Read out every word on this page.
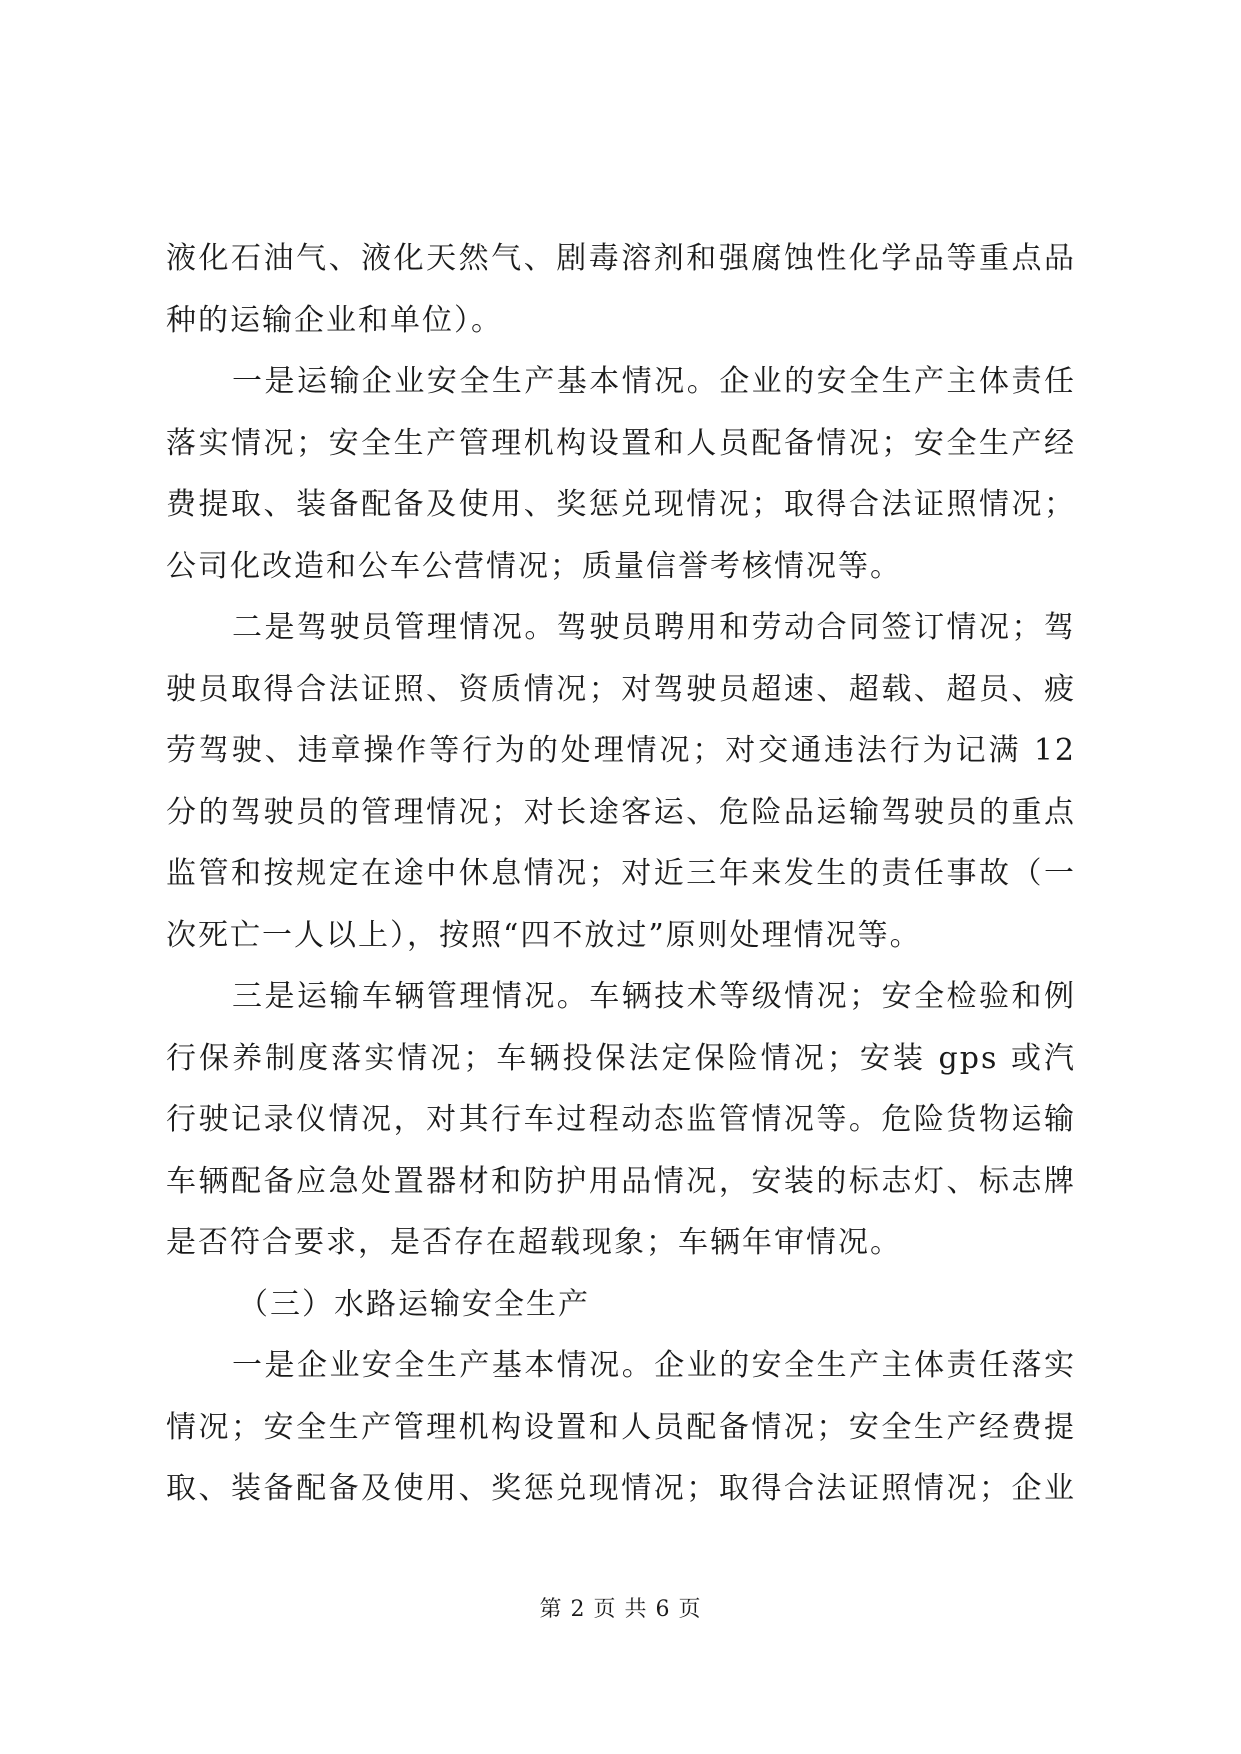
液化石油气、液化天然气、剧毒溶剂和强腐蚀性化学品等重点品

种的运输企业和单位）。

一是运输企业安全生产基本情况。企业的安全生产主体责任

落实情况；安全生产管理机构设置和人员配备情况；安全生产经

费提取、装备配备及使用、奖惩兑现情况；取得合法证照情况；

公司化改造和公车公营情况；质量信誉考核情况等。

二是驾驶员管理情况。驾驶员聘用和劳动合同签订情况；驾

驶员取得合法证照、资质情况；对驾驶员超速、超载、超员、疲

劳驾驶、违章操作等行为的处理情况；对交通违法行为记满 12

分的驾驶员的管理情况；对长途客运、危险品运输驾驶员的重点

监管和按规定在途中休息情况；对近三年来发生的责任事故（一

次死亡一人以上），按照“四不放过”原则处理情况等。

三是运输车辆管理情况。车辆技术等级情况；安全检验和例

行保养制度落实情况；车辆投保法定保险情况；安装 gps 或汽

行驶记录仪情况，对其行车过程动态监管情况等。危险货物运输

车辆配备应急处置器材和防护用品情况，安装的标志灯、标志牌

是否符合要求，是否存在超载现象；车辆年审情况。

（三）水路运输安全生产

一是企业安全生产基本情况。企业的安全生产主体责任落实

情况；安全生产管理机构设置和人员配备情况；安全生产经费提

取、装备配备及使用、奖惩兑现情况；取得合法证照情况；企业

第 2 页 共 6 页
